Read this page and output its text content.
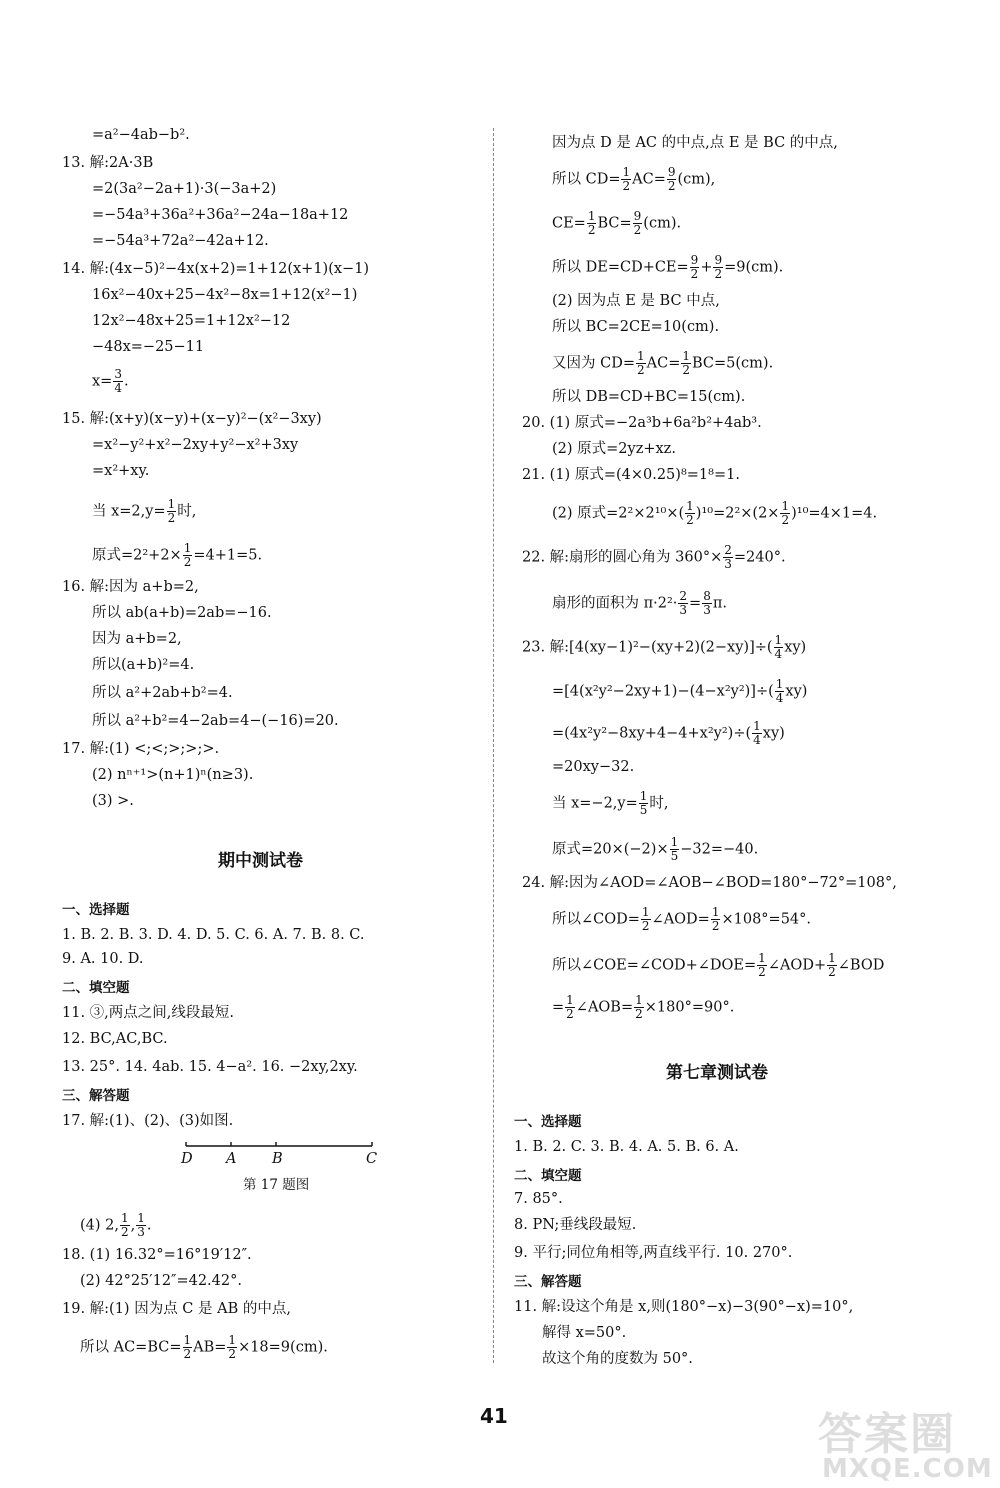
=a²−4ab−b².
13. 解:2A·3B
=2(3a²−2a+1)·3(−3a+2)
=−54a³+36a²+36a²−24a−18a+12
=−54a³+72a²−42a+12.
14. 解:(4x−5)²−4x(x+2)=1+12(x+1)(x−1)
16x²−40x+25−4x²−8x=1+12(x²−1)
12x²−48x+25=1+12x²−12
−48x=−25−11
$x= \frac{3}{4}$ .
15. 解:(x+y)(x−y)+(x−y)²−(x²−3xy)
=x²−y²+x²−2xy+y²−x²+3xy
=x²+xy.
当 $x=2,y= \frac{1}{2}$ 时,
原式$=2^2+2\times \frac{1}{2} =4+1=5$.
16. 解:因为 a+b=2,
所以 ab(a+b)=2ab=−16.
因为 a+b=2,
所以(a+b)²=4.
所以 a²+2ab+b²=4.
所以 a²+b²=4−2ab=4−(−16)=20.
17. 解:(1) <;<;>;>;>.
(2) nⁿ⁺¹>(n+1)ⁿ(n≥3).
(3) >.
期中测试卷
一、选择题
1. B. 2. B. 3. D. 4. D. 5. C. 6. A. 7. B. 8. C.
9. A. 10. D.
二、填空题
11. ③,两点之间,线段最短.
12. BC,AC,BC.
13. 25°. 14. 4ab. 15. 4−a². 16. −2xy,2xy.
三、解答题
17. 解:(1)、(2)、(3)如图.
D A B	C
第 17 题图
(4) 2, $\frac{1}{2}$ , $\frac{1}{3}$ .
18. (1) 16.32°=16°19′12″.
(2) 42°25′12″=42.42°.
19. 解:(1) 因为点 C 是 AB 的中点,
所以 $AC=BC= \frac{1}{2} AB= \frac{1}{2} \times 18=9(cm)$.
因为点 D 是 AC 的中点,点 E 是 BC 的中点,
所以 $CD= \frac{1}{2} AC= \frac{9}{2} (cm)$,
$CE= \frac{1}{2} BC= \frac{9}{2} (cm)$.
所以 $DE=CD+CE= \frac{9}{2} + \frac{9}{2} =9(cm)$.
(2) 因为点 E 是 BC 中点,
所以 BC=2CE=10(cm).
又因为 $CD= \frac{1}{2} AC= \frac{1}{2} BC=5(cm)$.
所以 DB=CD+BC=15(cm).
20. (1) 原式=−2a³b+6a²b²+4ab³.
(2) 原式=2yz+xz.
21. (1) 原式=(4×0.25)⁸=1⁸=1.
(2) 原式$=2^2\times 2^{10}\times( \frac{1}{2} )^{10}=2^2\times(2\times \frac{1}{2} )^{10}=4\times 1=4$.
22. 解:扇形的圆心角为 $360^\circ\times \frac{2}{3} =240^\circ$.
扇形的面积为 $\pi\cdot 2^2\cdot \frac{2}{3} = \frac{8}{3} \pi$.
23. 解:[4(xy−1)²−(xy+2)(2−xy)]÷( $\frac{1}{4} xy$)
$=[4(x^2y^2-2xy+1)-(4-x^2y^2)]\div( \frac{1}{4} xy)$
$=(4x^2y^2-8xy+4-4+x^2y^2)\div( \frac{1}{4} xy)$
=20xy−32.
当 $x=-2,y= \frac{1}{5}$ 时,
原式$=20\times(-2)\times \frac{1}{5} -32=-40$.
24. 解:因为∠AOD=∠AOB−∠BOD=180°−72°=108°,
所以∠COD= $\frac{1}{2}$ ∠AOD= $\frac{1}{2} \times 108^\circ=54^\circ$.
所以∠COE=∠COD+∠DOE= $\frac{1}{2}$ ∠AOD+ $\frac{1}{2}$ ∠BOD
= $\frac{1}{2}$ ∠AOB= $\frac{1}{2} \times 180^\circ=90^\circ$.
第七章测试卷
一、选择题
1. B. 2. C. 3. B. 4. A. 5. B. 6. A.
二、填空题
7. 85°.
8. PN;垂线段最短.
9. 平行;同位角相等,两直线平行. 10. 270°.
三、解答题
11. 解:设这个角是 x,则(180°−x)−3(90°−x)=10°,
解得 x=50°.
故这个角的度数为 50°.
41	答案圈
MXQE.COM
